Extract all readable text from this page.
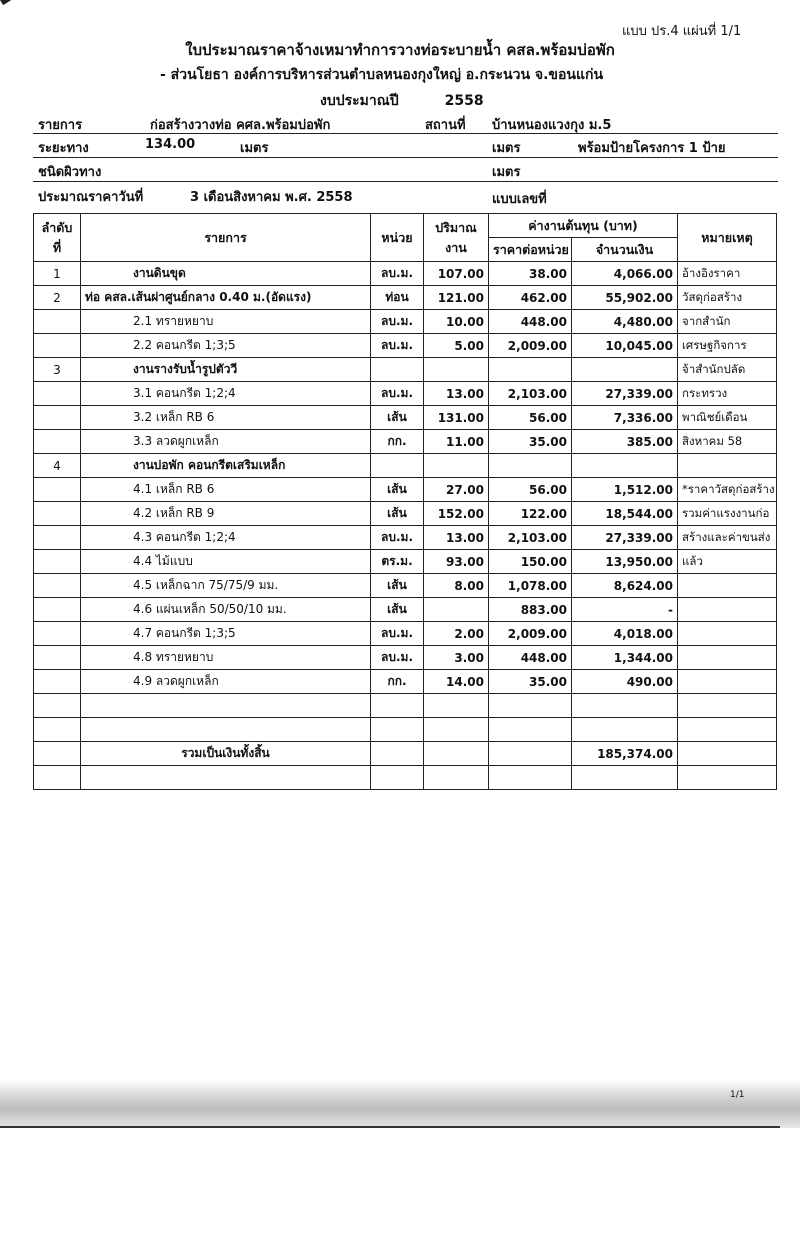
แบบ ปร.4 แผ่นที่ 1/1
ใบประมาณราคาจ้างเหมาทำการวางท่อระบายน้ำ คสล.พร้อมบ่อพัก
- ส่วนโยธา องค์การบริหารส่วนตำบลหนองกุงใหญ่ อ.กระนวน จ.ขอนแก่น
งบประมาณปี	2558
รายการ	ก่อสร้างวางท่อ คศล.พร้อมบ่อพัก	สถานที่ บ้านหนองแวงกุง ม.5
ระยะทาง	134.00	เมตร	เมตร	พร้อมป้ายโครงการ 1 ป้าย
ชนิดผิวทาง	เมตร
ประมาณราคาวันที่	3 เดือนสิงหาคม พ.ศ. 2558	แบบเลขที่
ลำดับที่	รายการ	หน่วย	ปริมาณงาน	ค่างานต้นทุน (บาท)		หมายเหตุ
				ราคาต่อหน่วย	จำนวนเงิน	
1	งานดินขุด	ลบ.ม.	107.00	38.00	4,066.00	อ้างอิงราคา
2	ท่อ คสล.เส้นผ่าศูนย์กลาง 0.40 ม.(อัดแรง)	ท่อน	121.00	462.00	55,902.00	วัสดุก่อสร้าง
	2.1 ทรายหยาบ	ลบ.ม.	10.00	448.00	4,480.00	จากสำนัก
	2.2 คอนกรีต 1;3;5	ลบ.ม.	5.00	2,009.00	10,045.00	เศรษฐกิจการ
3	งานรางรับน้ำรูปตัววี					จ้าสำนักปลัด
	3.1 คอนกรีต 1;2;4	ลบ.ม.	13.00	2,103.00	27,339.00	กระทรวง
	3.2 เหล็ก RB 6	เส้น	131.00	56.00	7,336.00	พาณิชย์เดือน
	3.3 ลวดผูกเหล็ก	กก.	11.00	35.00	385.00	สิงหาคม 58
4	งานบ่อพัก คอนกรีตเสริมเหล็ก					
	4.1 เหล็ก RB 6	เส้น	27.00	56.00	1,512.00	*ราคาวัสดุก่อสร้าง
	4.2 เหล็ก RB 9	เส้น	152.00	122.00	18,544.00	รวมค่าแรงงานก่อ
	4.3 คอนกรีต 1;2;4	ลบ.ม.	13.00	2,103.00	27,339.00	สร้างและค่าขนส่ง
	4.4 ไม้แบบ	ตร.ม.	93.00	150.00	13,950.00	แล้ว
	4.5 เหล็กฉาก 75/75/9 มม.	เส้น	8.00	1,078.00	8,624.00	
	4.6 แผ่นเหล็ก 50/50/10 มม.	เส้น		883.00	-	
	4.7 คอนกรีต 1;3;5	ลบ.ม.	2.00	2,009.00	4,018.00	
	4.8 ทรายหยาบ	ลบ.ม.	3.00	448.00	1,344.00	
	4.9 ลวดผูกเหล็ก	กก.	14.00	35.00	490.00	

	รวมเป็นเงินทั้งสิ้น				185,374.00	

1/1
